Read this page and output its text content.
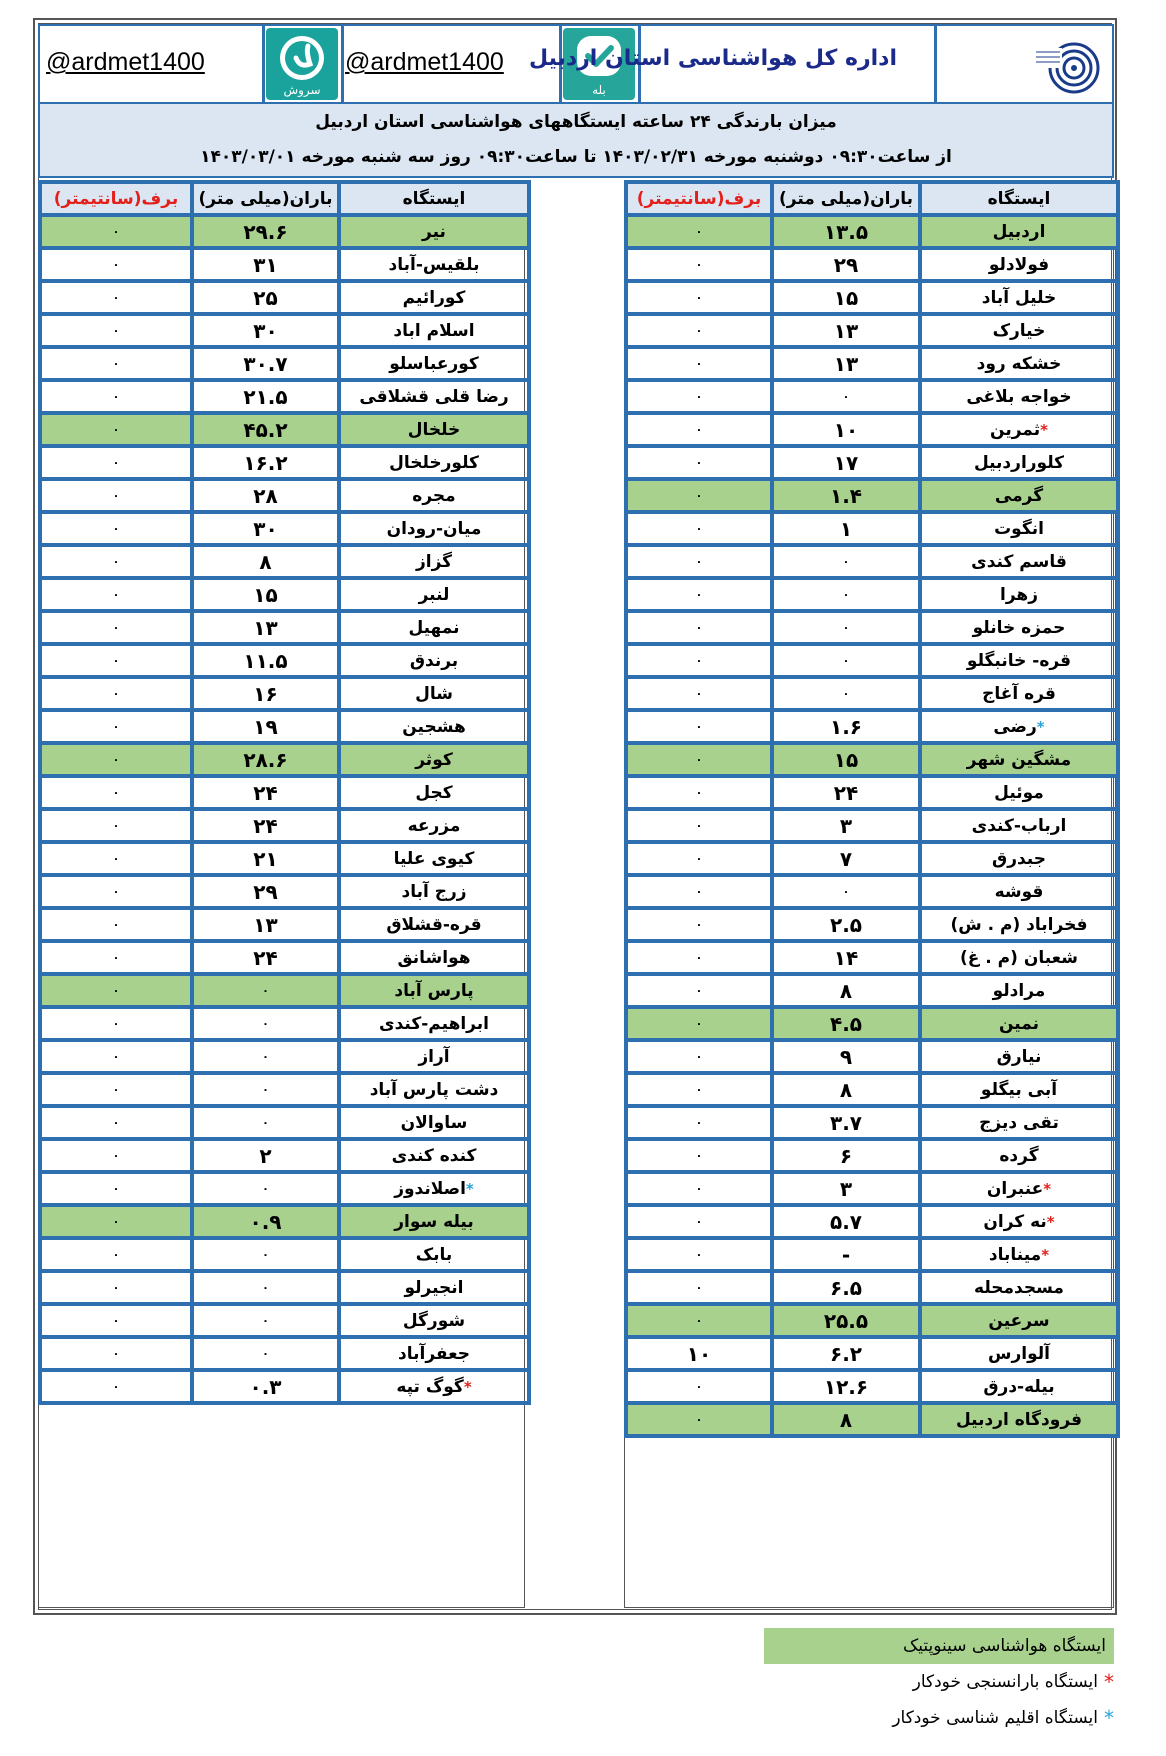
@ardmet1400
سروش
@ardmet1400
بله
اداره کل هواشناسی استان اردبیل
میزان بارندگی ۲۴ ساعته ایستگاههای هواشناسی استان اردبیل
از ساعت۰۹:۳۰ دوشنبه مورخه ۱۴۰۳/۰۲/۳۱ تا ساعت۰۹:۳۰ روز سه شنبه مورخه ۱۴۰۳/۰۳/۰۱
ایستگاه	باران(میلی متر)	برف(سانتیمتر)
اردبیل	۱۳.۵	۰
فولادلو	۲۹	۰
خلیل آباد	۱۵	۰
خیارک	۱۳	۰
خشکه رود	۱۳	۰
خواجه بلاغی	۰	۰
*ثمرین	۱۰	۰
کلوراردبیل	۱۷	۰
گرمی	۱.۴	۰
انگوت	۱	۰
قاسم کندی	۰	۰
زهرا	۰	۰
حمزه خانلو	۰	۰
قره- خانبگلو	۰	۰
قره آغاج	۰	۰
*رضی	۱.۶	۰
مشگین شهر	۱۵	۰
موئیل	۲۴	۰
ارباب-کندی	۳	۰
جبدرق	۷	۰
قوشه	۰	۰
فخراباد (م . ش)	۲.۵	۰
شعبان (م . غ)	۱۴	۰
مرادلو	۸	۰
نمین	۴.۵	۰
نیارق	۹	۰
آبی بیگلو	۸	۰
تقی دیزج	۳.۷	۰
گرده	۶	۰
*عنبران	۳	۰
*نه کران	۵.۷	۰
*میناباد	-	۰
مسجدمحله	۶.۵	۰
سرعین	۲۵.۵	۰
آلوارس	۶.۲	۱۰
بیله-درق	۱۲.۶	۰
فرودگاه اردبیل	۸	۰
ایستگاه	باران(میلی متر)	برف(سانتیمتر)
نیر	۲۹.۶	۰
بلقیس-آباد	۳۱	۰
کورائیم	۲۵	۰
اسلام اباد	۳۰	۰
کورعباسلو	۳۰.۷	۰
رضا قلی قشلاقی	۲۱.۵	۰
خلخال	۴۵.۲	۰
کلورخلخال	۱۶.۲	۰
مجره	۲۸	۰
میان-رودان	۳۰	۰
گزاز	۸	۰
لنبر	۱۵	۰
نمهیل	۱۳	۰
برندق	۱۱.۵	۰
شال	۱۶	۰
هشجین	۱۹	۰
کوثر	۲۸.۶	۰
کجل	۲۴	۰
مزرعه	۲۴	۰
کیوی علیا	۲۱	۰
زرج آباد	۲۹	۰
قره-قشلاق	۱۳	۰
هواشانق	۲۴	۰
پارس آباد	۰	۰
ابراهیم-کندی	۰	۰
آراز	۰	۰
دشت پارس آباد	۰	۰
ساوالان	۰	۰
کنده کندی	۲	۰
*اصلاندوز	۰	۰
بیله سوار	۰.۹	۰
بابک	۰	۰
انجیرلو	۰	۰
شورگل	۰	۰
جعفرآباد	۰	۰
*گوگ تپه	۰.۳	۰
ایستگاه هواشناسی سینوپتیک
*
ایستگاه بارانسنجی خودکار
*
ایستگاه اقلیم شناسی خودکار
